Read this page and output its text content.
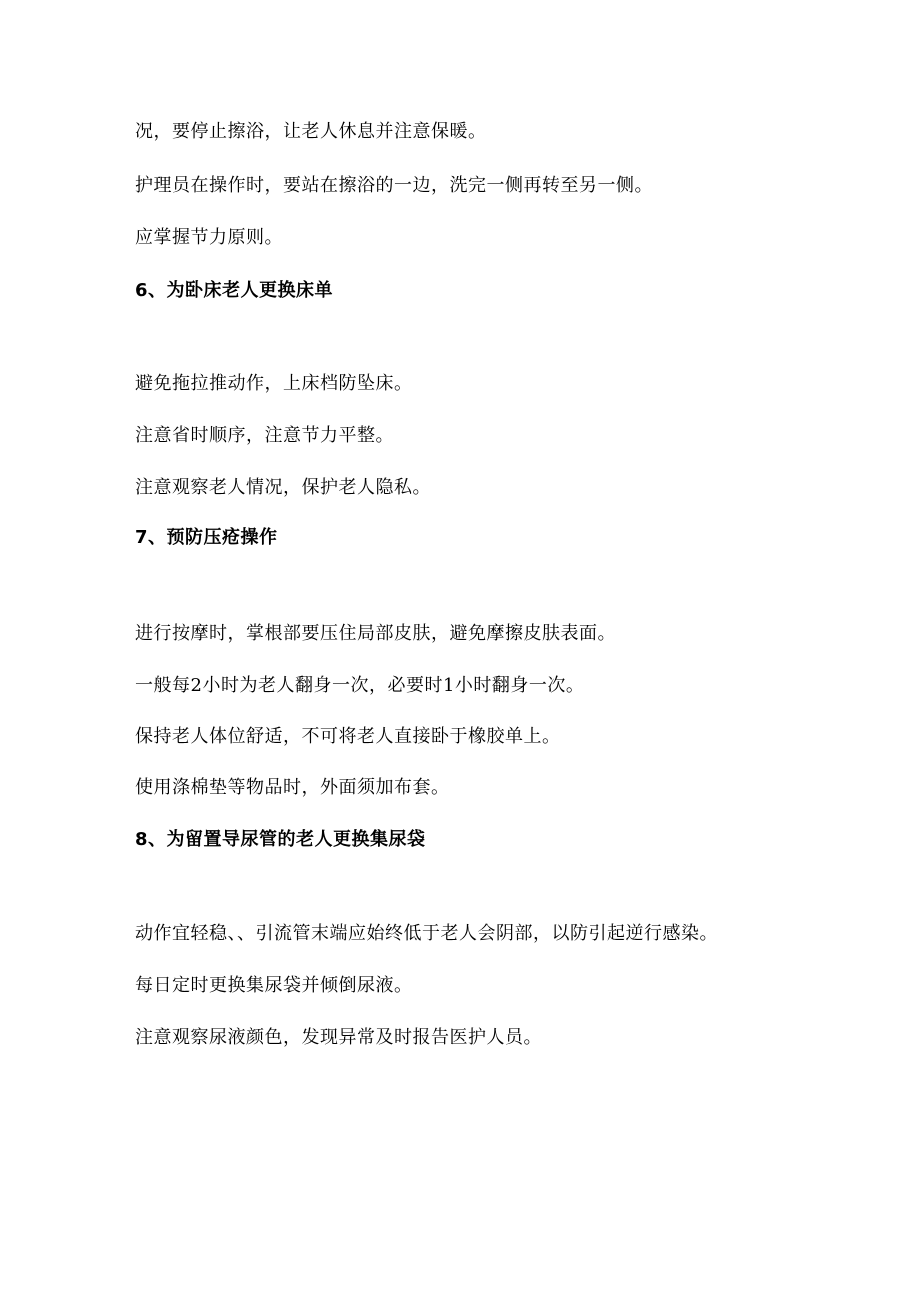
况，要停止擦浴，让老人休息并注意保暖。
护理员在操作时，要站在擦浴的一边，洗完一侧再转至另一侧。
应掌握节力原则。
6、为卧床老人更换床单
避免拖拉推动作，上床档防坠床。
注意省时顺序，注意节力平整。
注意观察老人情况，保护老人隐私。
7、预防压疮操作
进行按摩时，掌根部要压住局部皮肤，避免摩擦皮肤表面。
一般每2小时为老人翻身一次，必要时1小时翻身一次。
保持老人体位舒适，不可将老人直接卧于橡胶单上。
使用涤棉垫等物品时，外面须加布套。
8、为留置导尿管的老人更换集尿袋
动作宜轻稳、、引流管末端应始终低于老人会阴部，以防引起逆行感染。
每日定时更换集尿袋并倾倒尿液。
注意观察尿液颜色，发现异常及时报告医护人员。
